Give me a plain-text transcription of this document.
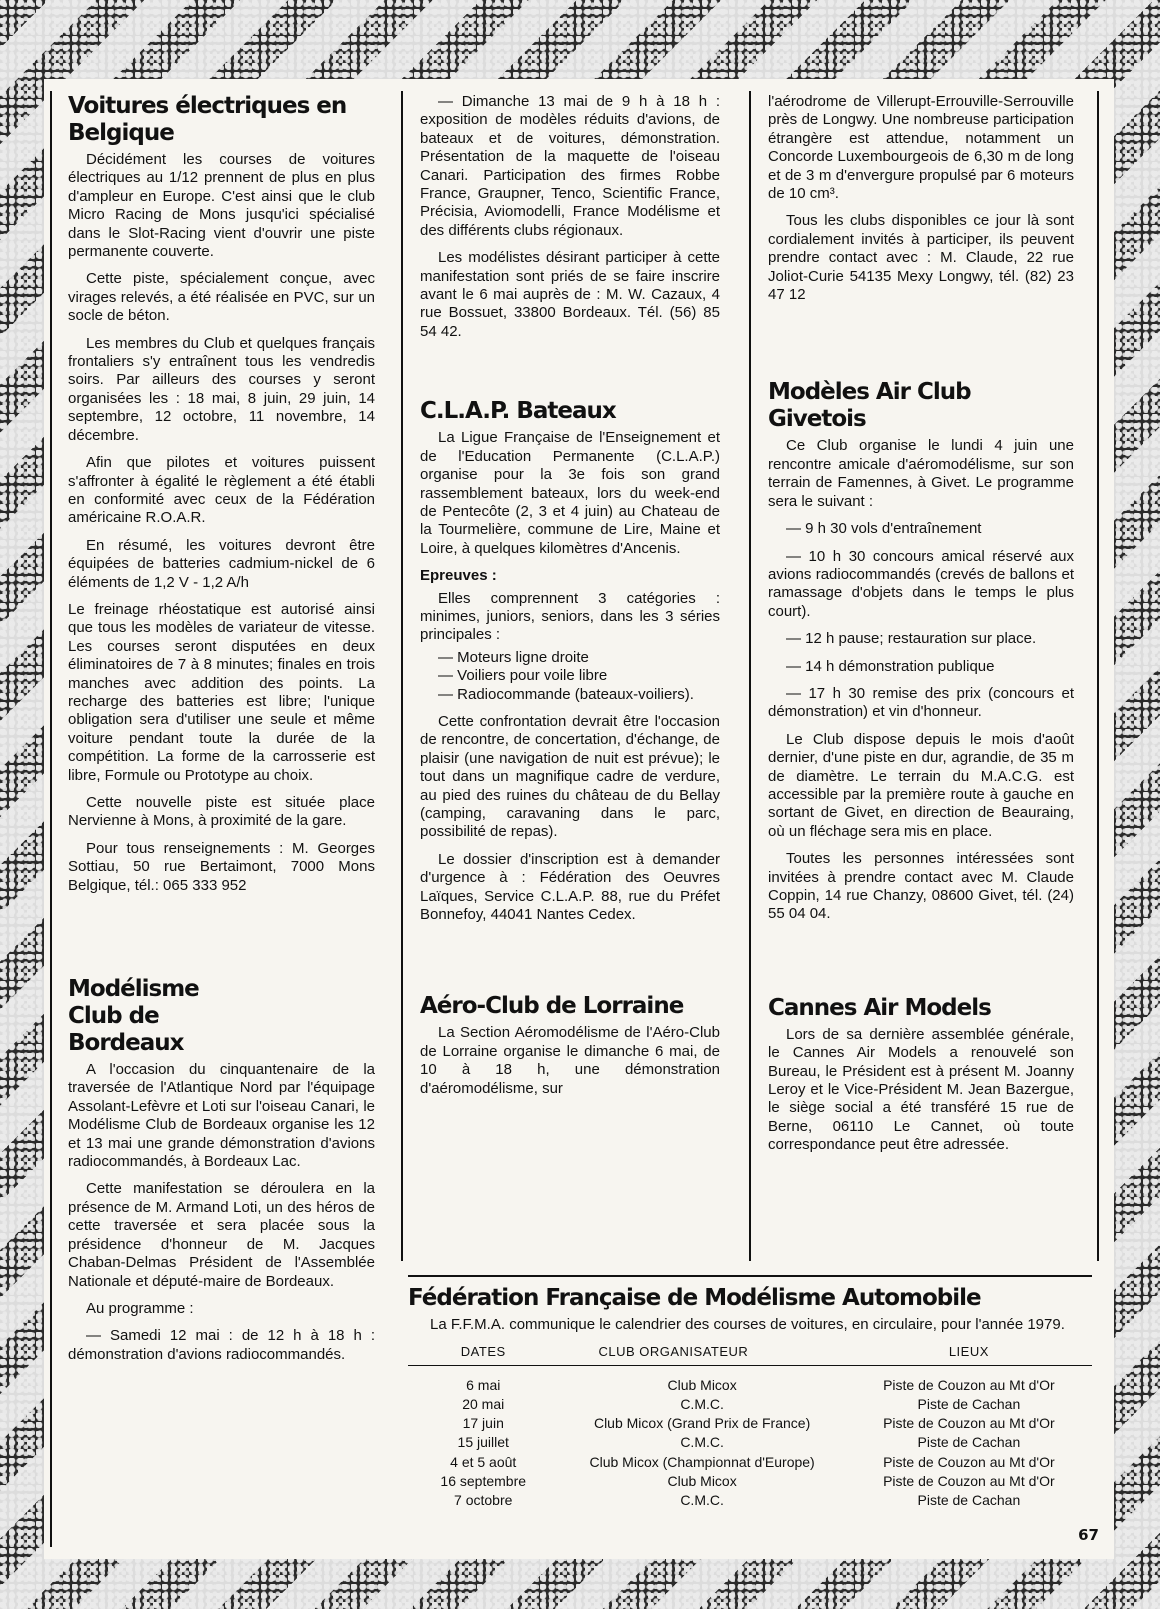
Voitures électriques en Belgique

Décidément les courses de voitures électriques au 1/12 prennent de plus en plus d'ampleur en Europe. C'est ainsi que le club Micro Racing de Mons jusqu'ici spécialisé dans le Slot-Racing vient d'ouvrir une piste permanente couverte.

Cette piste, spécialement conçue, avec virages relevés, a été réalisée en PVC, sur un socle de béton.

Les membres du Club et quelques français frontaliers s'y entraînent tous les vendredis soirs. Par ailleurs des courses y seront organisées les : 18 mai, 8 juin, 29 juin, 14 septembre, 12 octobre, 11 novembre, 14 décembre.

Afin que pilotes et voitures puissent s'affronter à égalité le règlement a été établi en conformité avec ceux de la Fédération américaine R.O.A.R.

En résumé, les voitures devront être équipées de batteries cadmium-nickel de 6 éléments de 1,2 V - 1,2 A/h

Le freinage rhéostatique est autorisé ainsi que tous les modèles de variateur de vitesse. Les courses seront disputées en deux éliminatoires de 7 à 8 minutes; finales en trois manches avec addition des points. La recharge des batteries est libre; l'unique obligation sera d'utiliser une seule et même voiture pendant toute la durée de la compétition. La forme de la carrosserie est libre, Formule ou Prototype au choix.

Cette nouvelle piste est située place Nervienne à Mons, à proximité de la gare.

Pour tous renseignements : M. Georges Sottiau, 50 rue Bertaimont, 7000 Mons Belgique, tél.: 065 333 952

Modélisme Club de Bordeaux

A l'occasion du cinquantenaire de la traversée de l'Atlantique Nord par l'équipage Assolant-Lefèvre et Loti sur l'oiseau Canari, le Modélisme Club de Bordeaux organise les 12 et 13 mai une grande démonstration d'avions radiocommandés, à Bordeaux Lac.

Cette manifestation se déroulera en la présence de M. Armand Loti, un des héros de cette traversée et sera placée sous la présidence d'honneur de M. Jacques Chaban-Delmas Président de l'Assemblée Nationale et député-maire de Bordeaux.

Au programme :

— Samedi 12 mai : de 12 h à 18 h : démonstration d'avions radiocommandés.

— Dimanche 13 mai de 9 h à 18 h : exposition de modèles réduits d'avions, de bateaux et de voitures, démonstration. Présentation de la maquette de l'oiseau Canari. Participation des firmes Robbe France, Graupner, Tenco, Scientific France, Précisia, Aviomodelli, France Modélisme et des différents clubs régionaux.

Les modélistes désirant participer à cette manifestation sont priés de se faire inscrire avant le 6 mai auprès de : M. W. Cazaux, 4 rue Bossuet, 33800 Bordeaux. Tél. (56) 85 54 42.

C.L.A.P. Bateaux

La Ligue Française de l'Enseignement et de l'Education Permanente (C.L.A.P.) organise pour la 3e fois son grand rassemblement bateaux, lors du week-end de Pentecôte (2, 3 et 4 juin) au Chateau de la Tourmelière, commune de Lire, Maine et Loire, à quelques kilomètres d'Ancenis.

Epreuves :

Elles comprennent 3 catégories : minimes, juniors, seniors, dans les 3 séries principales :

— Moteurs ligne droite

— Voiliers pour voile libre

— Radiocommande (bateaux-voiliers).

Cette confrontation devrait être l'occasion de rencontre, de concertation, d'échange, de plaisir (une navigation de nuit est prévue); le tout dans un magnifique cadre de verdure, au pied des ruines du château de du Bellay (camping, caravaning dans le parc, possibilité de repas).

Le dossier d'inscription est à demander d'urgence à : Fédération des Oeuvres Laïques, Service C.L.A.P. 88, rue du Préfet Bonnefoy, 44041 Nantes Cedex.

Aéro-Club de Lorraine

La Section Aéromodélisme de l'Aéro-Club de Lorraine organise le dimanche 6 mai, de 10 à 18 h, une démonstration d'aéromodélisme, sur

l'aérodrome de Villerupt-Errouville-Serrouville près de Longwy. Une nombreuse participation étrangère est attendue, notamment un Concorde Luxembourgeois de 6,30 m de long et de 3 m d'envergure propulsé par 6 moteurs de 10 cm³.

Tous les clubs disponibles ce jour là sont cordialement invités à participer, ils peuvent prendre contact avec : M. Claude, 22 rue Joliot-Curie 54135 Mexy Longwy, tél. (82) 23 47 12

Modèles Air Club Givetois

Ce Club organise le lundi 4 juin une rencontre amicale d'aéromodélisme, sur son terrain de Famennes, à Givet. Le programme sera le suivant :

— 9 h 30 vols d'entraînement

— 10 h 30 concours amical réservé aux avions radiocommandés (crevés de ballons et ramassage d'objets dans le temps le plus court).

— 12 h pause; restauration sur place.

— 14 h démonstration publique

— 17 h 30 remise des prix (concours et démonstration) et vin d'honneur.

Le Club dispose depuis le mois d'août dernier, d'une piste en dur, agrandie, de 35 m de diamètre. Le terrain du M.A.C.G. est accessible par la première route à gauche en sortant de Givet, en direction de Beauraing, où un fléchage sera mis en place.

Toutes les personnes intéressées sont invitées à prendre contact avec M. Claude Coppin, 14 rue Chanzy, 08600 Givet, tél. (24) 55 04 04.

Cannes Air Models

Lors de sa dernière assemblée générale, le Cannes Air Models a renouvelé son Bureau, le Président est à présent M. Joanny Leroy et le Vice-Président M. Jean Bazergue, le siège social a été transféré 15 rue de Berne, 06110 Le Cannet, où toute correspondance peut être adressée.

Fédération Française de Modélisme Automobile

La F.F.M.A. communique le calendrier des courses de voitures, en circulaire, pour l'année 1979.

DATES	CLUB ORGANISATEUR	LIEUX

6 mai	Club Micox	Piste de Couzon au Mt d'Or
20 mai	C.M.C.	Piste de Cachan
17 juin	Club Micox (Grand Prix de France)	Piste de Couzon au Mt d'Or
15 juillet	C.M.C.	Piste de Cachan
4 et 5 août	Club Micox (Championnat d'Europe)	Piste de Couzon au Mt d'Or
16 septembre	Club Micox	Piste de Couzon au Mt d'Or
7 octobre	C.M.C.	Piste de Cachan
67
